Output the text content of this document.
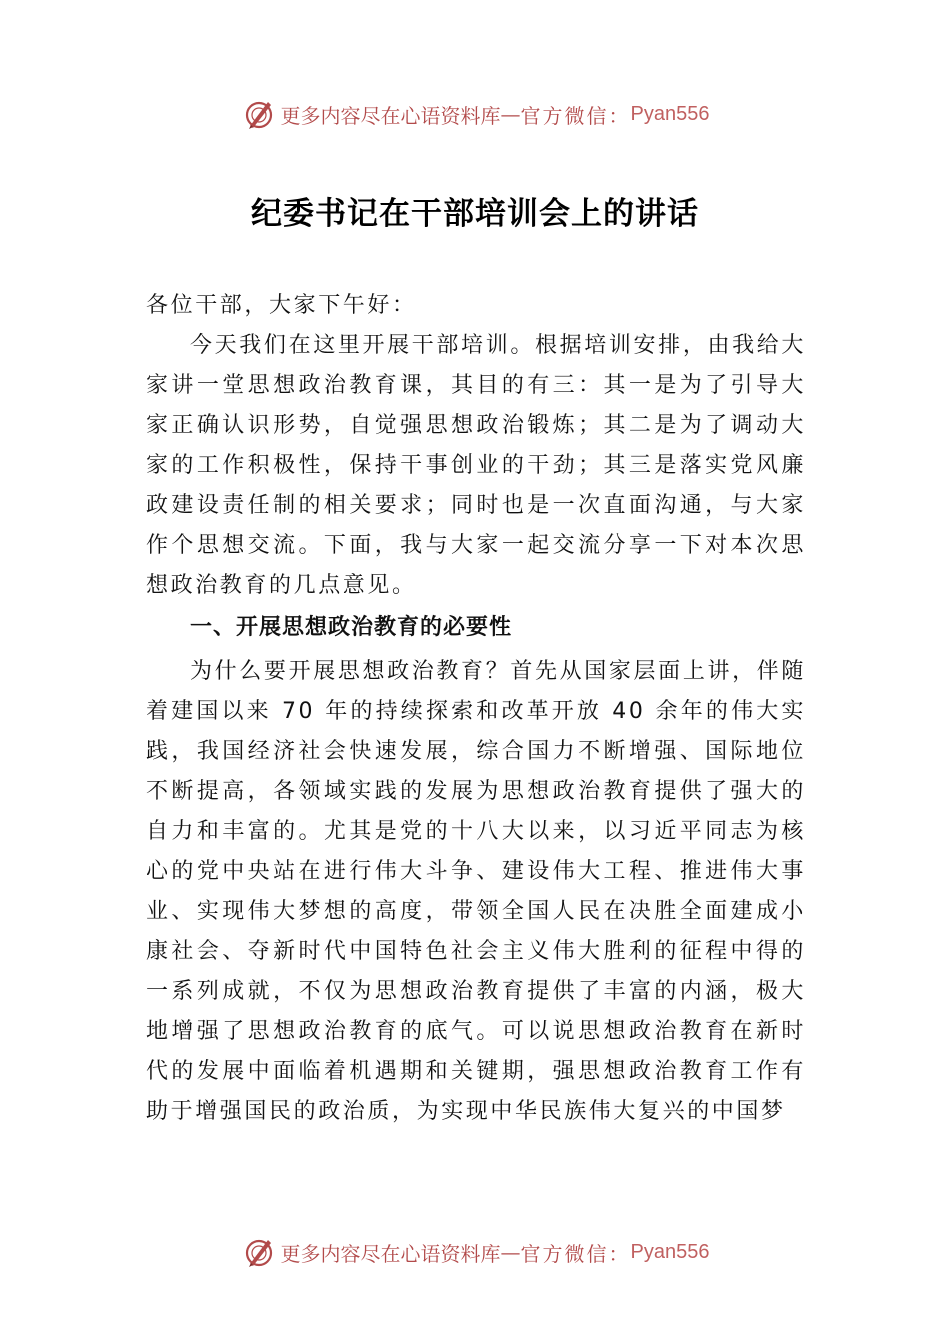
更多内容尽在心语资料库 — 官方微信： Pyan556
纪委书记在干部培训会上的讲话

各位干部，大家下午好：

今天我们在这里开展干部培训。根据培训安排，由我给大家讲一堂思想政治教育课，其目的有三：其一是为了引导大家正确认识形势，自觉强思想政治锻炼；其二是为了调动大家的工作积极性，保持干事创业的干劲；其三是落实党风廉政建设责任制的相关要求；同时也是一次直面沟通，与大家作个思想交流。下面，我与大家一起交流分享一下对本次思想政治教育的几点意见。

一、开展思想政治教育的必要性

为什么要开展思想政治教育？首先从国家层面上讲，伴随着建国以来 70 年的持续探索和改革开放 40 余年的伟大实践，我国经济社会快速发展，综合国力不断增强、国际地位不断提高，各领域实践的发展为思想政治教育提供了强大的自力和丰富的。尤其是党的十八大以来，以习近平同志为核心的党中央站在进行伟大斗争、建设伟大工程、推进伟大事业、实现伟大梦想的高度，带领全国人民在决胜全面建成小康社会、夺新时代中国特色社会主义伟大胜利的征程中得的一系列成就，不仅为思想政治教育提供了丰富的内涵，极大地增强了思想政治教育的底气。可以说思想政治教育在新时代的发展中面临着机遇期和关键期，强思想政治教育工作有助于增强国民的政治质，为实现中华民族伟大复兴的中国梦

更多内容尽在心语资料库 — 官方微信： Pyan556
